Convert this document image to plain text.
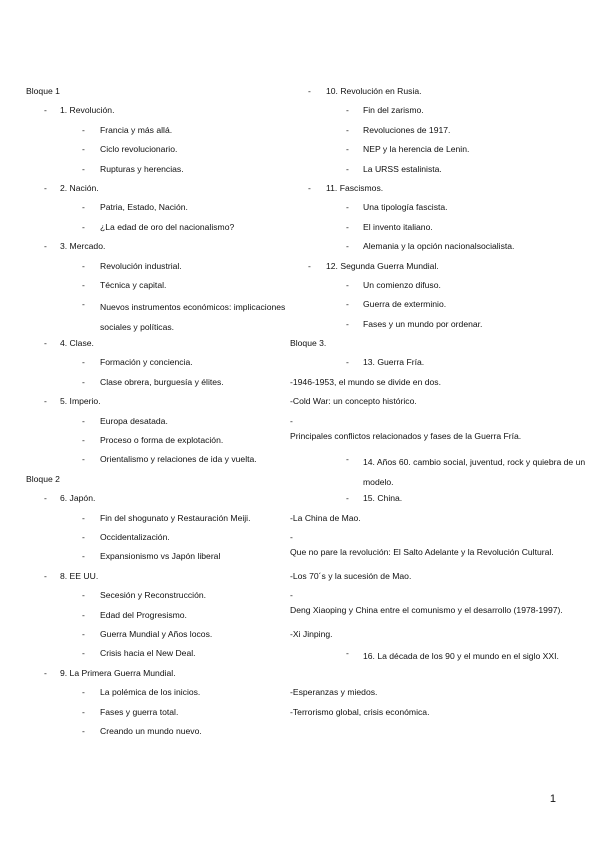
Bloque 1
- 1. Revolución.
- Francia y más allá.
- Ciclo revolucionario.
- Rupturas y herencias.
- 2. Nación.
- Patria, Estado, Nación.
- ¿La edad de oro del nacionalismo?
- 3. Mercado.
- Revolución industrial.
- Técnica y capital.
- Nuevos instrumentos económicos: implicaciones sociales y políticas.
- 4. Clase.
- Formación y conciencia.
- Clase obrera, burguesía y élites.
- 5. Imperio.
- Europa desatada.
- Proceso o forma de explotación.
- Orientalismo y relaciones de ida y vuelta.
Bloque 2
- 6. Japón.
- Fin del shogunato y Restauración Meiji.
- Occidentalización.
- Expansionismo vs Japón liberal
- 8. EE UU.
- Secesión y Reconstrucción.
- Edad del Progresismo.
- Guerra Mundial y Años locos.
- Crisis hacia el New Deal.
- 9. La Primera Guerra Mundial.
- La polémica de los inicios.
- Fases y guerra total.
- Creando un mundo nuevo.
- 10. Revolución en Rusia.
- Fin del zarismo.
- Revoluciones de 1917.
- NEP y la herencia de Lenin.
- La URSS estalinista.
- 11. Fascismos.
- Una tipología fascista.
- El invento italiano.
- Alemania y la opción nacionalsocialista.
- 12. Segunda Guerra Mundial.
- Un comienzo difuso.
- Guerra de exterminio.
- Fases y un mundo por ordenar.
Bloque 3.
- 13. Guerra Fría.
-1946-1953, el mundo se divide en dos.
-Cold War: un concepto histórico.
-
Principales conflictos relacionados y fases de la Guerra Fría.
- 14. Años 60. cambio social, juventud, rock y quiebra de un modelo.
- 15. China.
-La China de Mao.
-
Que no pare la revolución: El Salto Adelante y la Revolución Cultural.
-Los 70´s y la sucesión de Mao.
-
Deng Xiaoping y China entre el comunismo y el desarrollo (1978-1997).
-Xi Jinping.
- 16. La década de los 90 y el mundo en el siglo XXI.
-Esperanzas y miedos.
-Terrorismo global, crisis económica.
1
